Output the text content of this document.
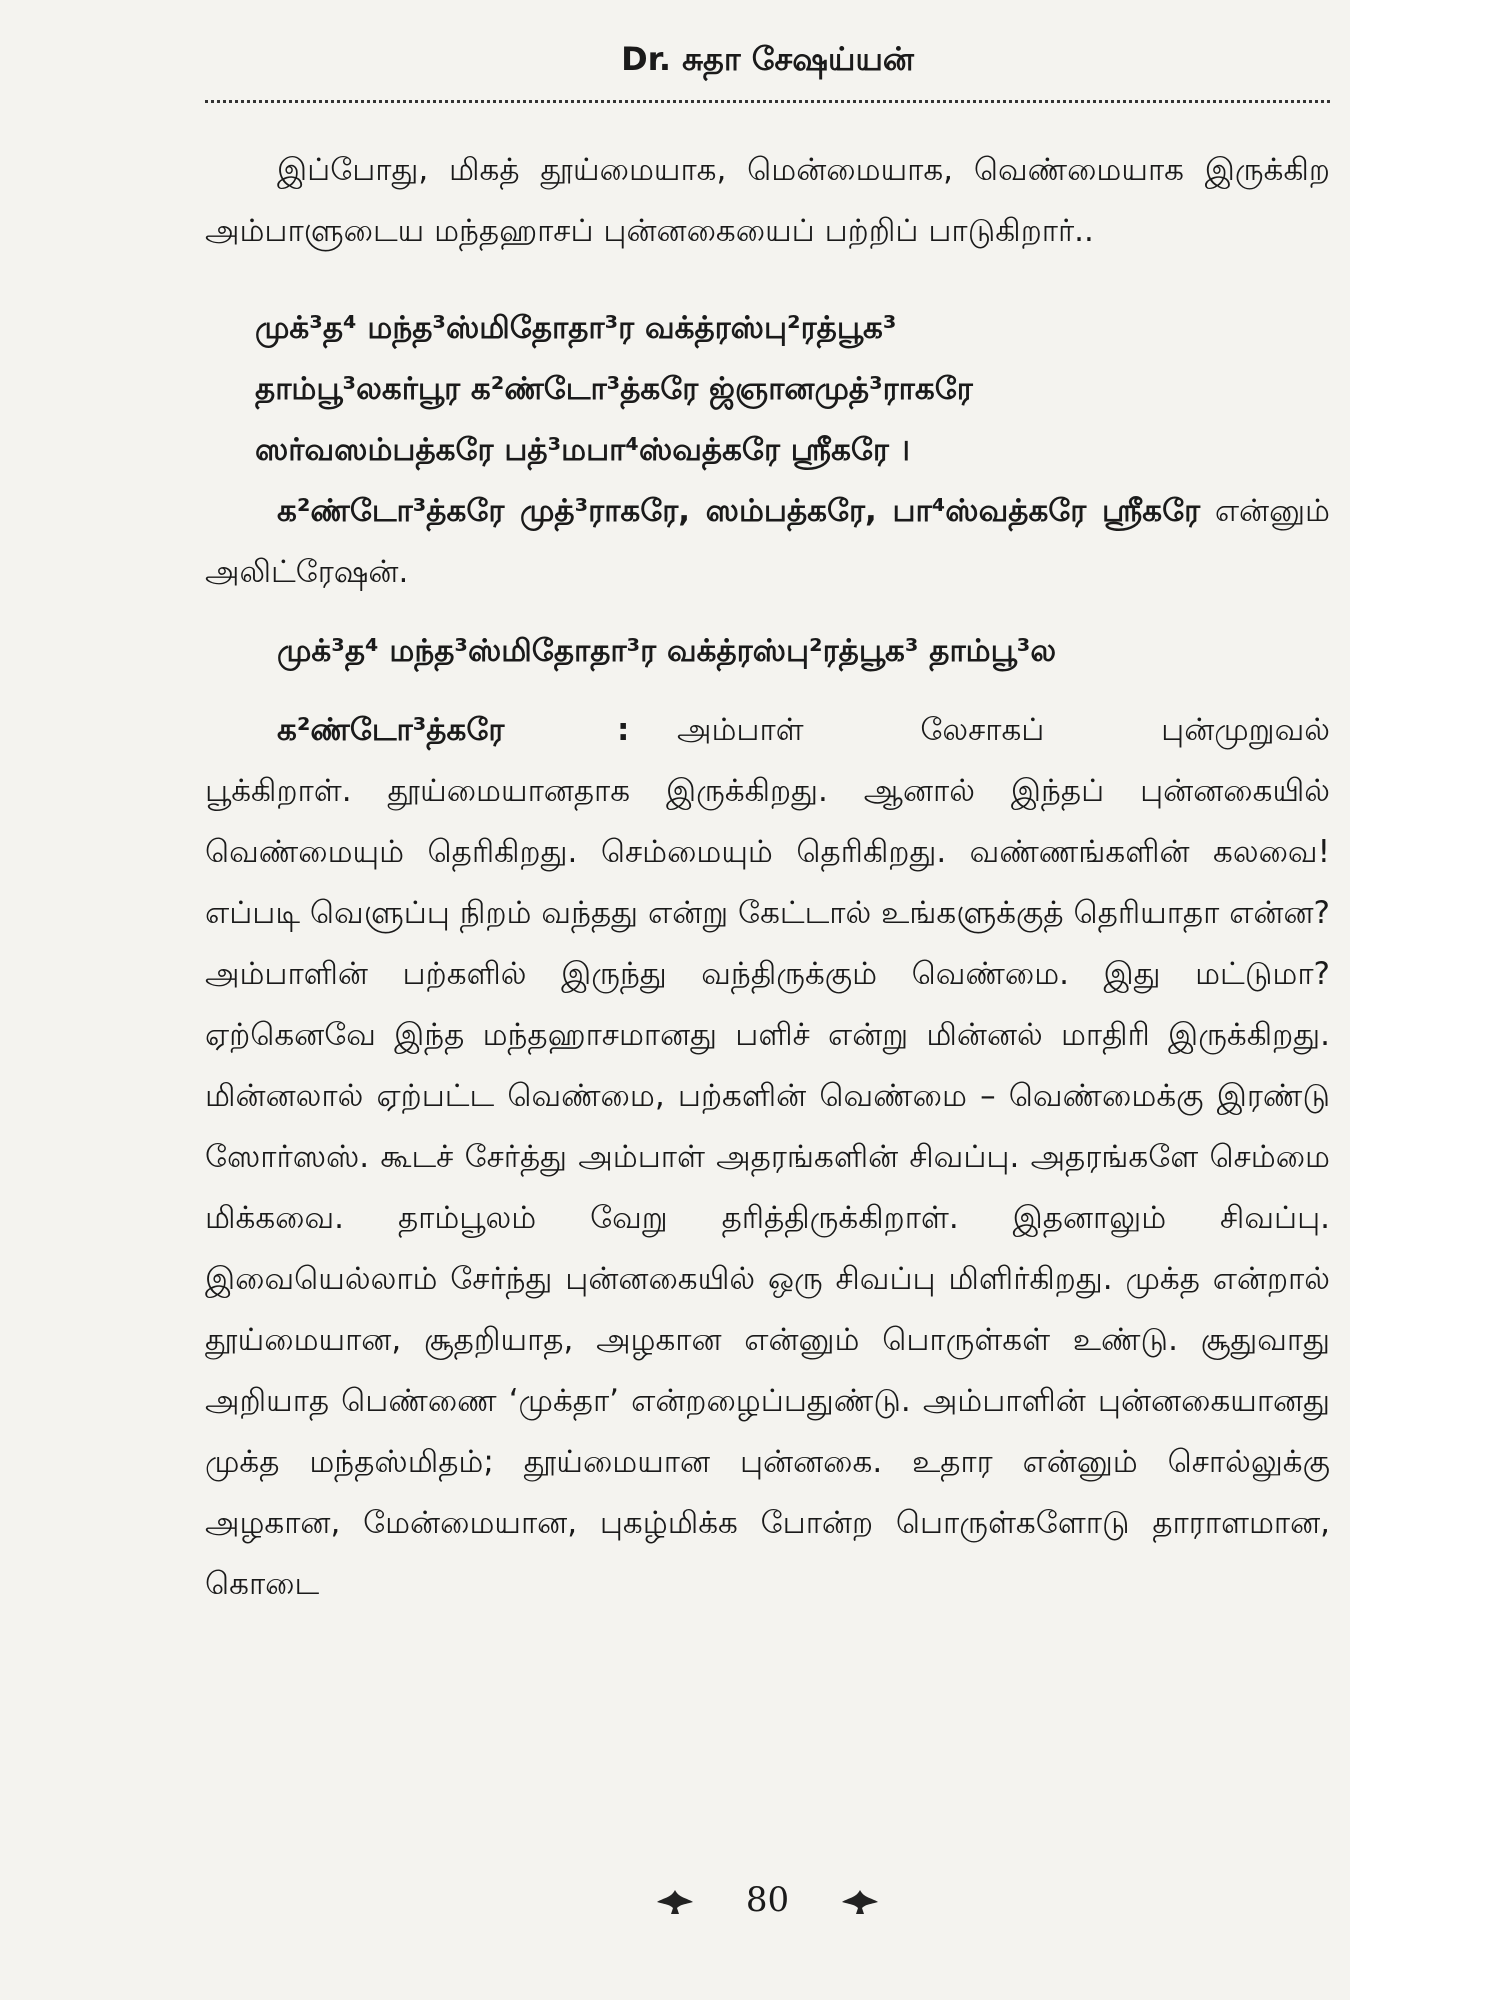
Dr. சுதா சேஷய்யன்

இப்போது, மிகத் தூய்மையாக, மென்மையாக, வெண்மையாக இருக்கிற அம்பாளுடைய மந்தஹாசப் புன்னகையைப் பற்றிப் பாடுகிறார்..

முக்³த⁴ மந்த³ஸ்மிதோதா³ர வக்த்ரஸ்பு²ரத்பூக³
தாம்பூ³லகர்பூர க²ண்டோ³த்கரே ஜ்ஞானமுத்³ராகரே
ஸர்வஸம்பத்கரே பத்³மபா⁴ஸ்வத்கரே ஸ்ரீகரே ।

க²ண்டோ³த்கரே முத்³ராகரே, ஸம்பத்கரே, பா⁴ஸ்வத்கரே ஸ்ரீகரே என்னும் அலிட்ரேஷன்.

முக்³த⁴ மந்த³ஸ்மிதோதா³ர வக்த்ரஸ்பு²ரத்பூக³ தாம்பூ³ல

க²ண்டோ³த்கரே	:	அம்பாள் லேசாகப் புன்முறுவல்

பூக்கிறாள். தூய்மையானதாக இருக்கிறது. ஆனால் இந்தப் புன்னகையில் வெண்மையும் தெரிகிறது. செம்மையும் தெரிகிறது. வண்ணங்களின் கலவை! எப்படி வெளுப்பு நிறம் வந்தது என்று கேட்டால் உங்களுக்குத் தெரியாதா என்ன? அம்பாளின் பற்களில் இருந்து வந்திருக்கும் வெண்மை. இது மட்டுமா? ஏற்கெனவே இந்த மந்தஹாசமானது பளிச் என்று மின்னல் மாதிரி இருக்கிறது. மின்னலால் ஏற்பட்ட வெண்மை, பற்களின் வெண்மை – வெண்மைக்கு இரண்டு ஸோர்ஸஸ். கூடச் சேர்த்து அம்பாள் அதரங்களின் சிவப்பு. அதரங்களே செம்மை மிக்கவை. தாம்பூலம் வேறு தரித்திருக்கிறாள். இதனாலும் சிவப்பு. இவையெல்லாம் சேர்ந்து புன்னகையில் ஒரு சிவப்பு மிளிர்கிறது. முக்த என்றால் தூய்மையான, சூதறியாத, அழகான என்னும் பொருள்கள் உண்டு. சூதுவாது அறியாத பெண்ணை ‘முக்தா’ என்றழைப்பதுண்டு. அம்பாளின் புன்னகையானது முக்த மந்தஸ்மிதம்; தூய்மையான புன்னகை. உதார என்னும் சொல்லுக்கு அழகான, மேன்மையான, புகழ்மிக்க போன்ற பொருள்களோடு தாராளமான, கொடை

80
